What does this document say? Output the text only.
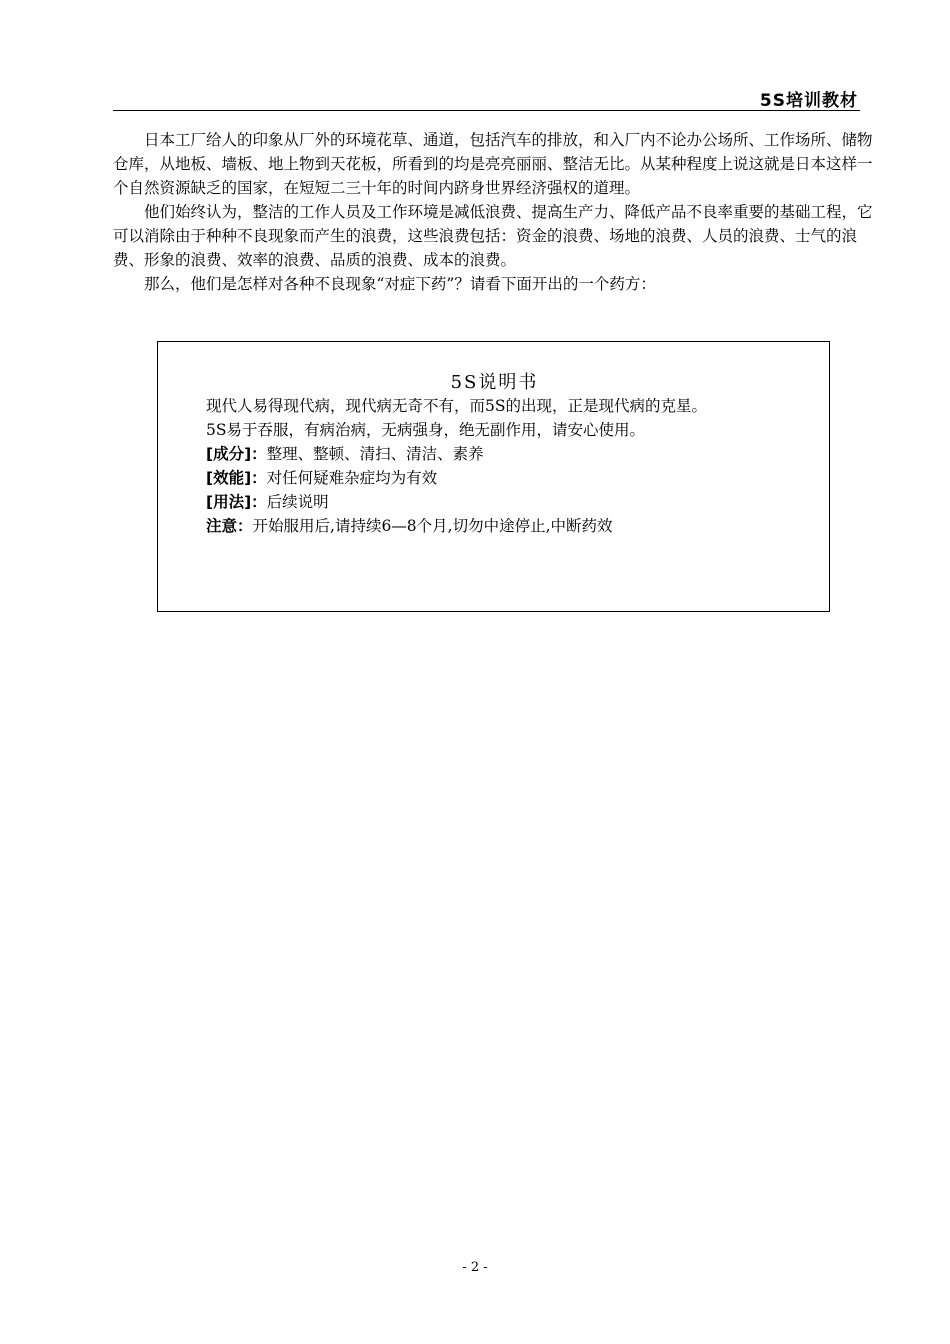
5S培训教材

日本工厂给人的印象从厂外的环境花草、通道，包括汽车的排放，和入厂内不论办公场所、工作场所、储物仓库，从地板、墙板、地上物到天花板，所看到的均是亮亮丽丽、整洁无比。从某种程度上说这就是日本这样一个自然资源缺乏的国家，在短短二三十年的时间内跻身世界经济强权的道理。

他们始终认为，整洁的工作人员及工作环境是减低浪费、提高生产力、降低产品不良率重要的基础工程，它可以消除由于种种不良现象而产生的浪费，这些浪费包括：资金的浪费、场地的浪费、人员的浪费、士气的浪费、形象的浪费、效率的浪费、品质的浪费、成本的浪费。

那么，他们是怎样对各种不良现象“对症下药”？请看下面开出的一个药方：

5S说明书
现代人易得现代病，现代病无奇不有，而5S的出现，正是现代病的克星。
5S易于吞服，有病治病，无病强身，绝无副作用，请安心使用。
[成分]：整理、整顿、清扫、清洁、素养
[效能]：对任何疑难杂症均为有效
[用法]：后续说明
注意：开始服用后,请持续6—8个月,切勿中途停止,中断药效
- 2 -
